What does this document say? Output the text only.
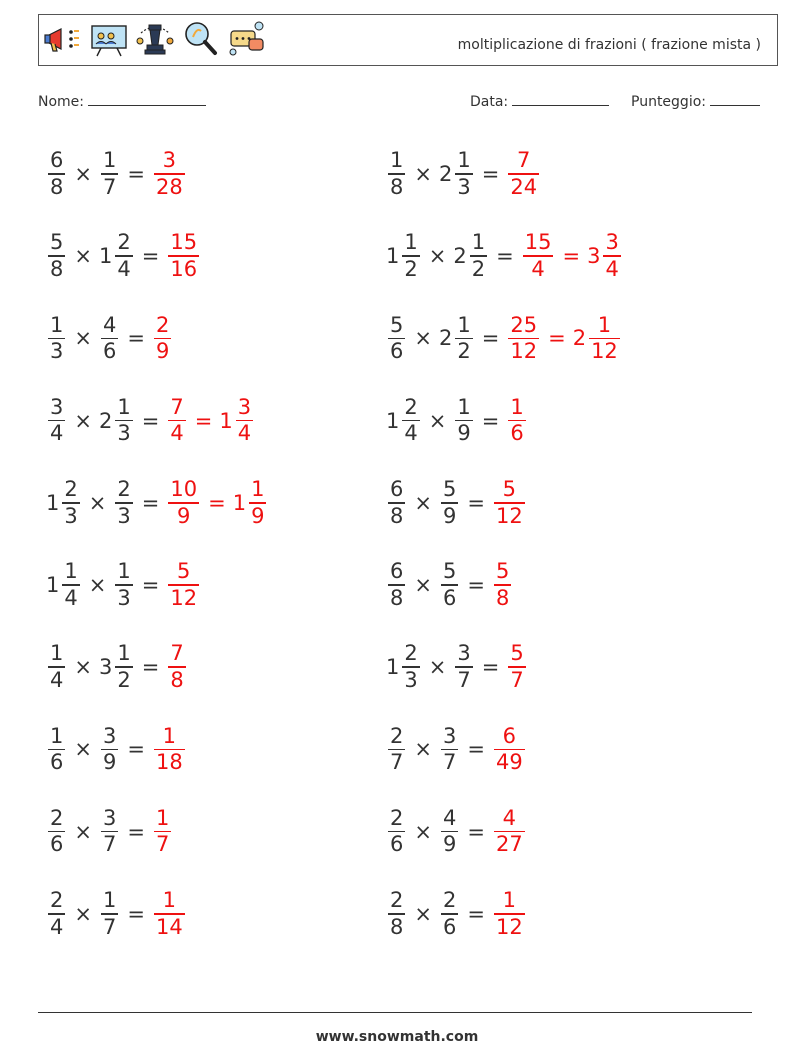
moltiplicazione di frazioni ( frazione mista )
Nome:	Data:	Punteggio:
$\frac{6}{8} \times \frac{1}{7} = \frac{3}{28}$	$\frac{1}{8} \times 2 \frac{1}{3} = \frac{7}{24}$
$\frac{5}{8} \times 1 \frac{2}{4} = \frac{15}{16}$	$1 \frac{1}{2} \times 2 \frac{1}{2} = \frac{15}{4} = 3 \frac{3}{4}$
$\frac{1}{3} \times \frac{4}{6} = \frac{2}{9}$	$\frac{5}{6} \times 2 \frac{1}{2} = \frac{25}{12} = 2 \frac{1}{12}$
$\frac{3}{4} \times 2 \frac{1}{3} = \frac{7}{4} = 1 \frac{3}{4}$	$1 \frac{2}{4} \times \frac{1}{9} = \frac{1}{6}$
$1 \frac{2}{3} \times \frac{2}{3} = \frac{10}{9} = 1 \frac{1}{9}$	$\frac{6}{8} \times \frac{5}{9} = \frac{5}{12}$
$1 \frac{1}{4} \times \frac{1}{3} = \frac{5}{12}$	$\frac{6}{8} \times \frac{5}{6} = \frac{5}{8}$
$\frac{1}{4} \times 3 \frac{1}{2} = \frac{7}{8}$	$1 \frac{2}{3} \times \frac{3}{7} = \frac{5}{7}$
$\frac{1}{6} \times \frac{3}{9} = \frac{1}{18}$	$\frac{2}{7} \times \frac{3}{7} = \frac{6}{49}$
$\frac{2}{6} \times \frac{3}{7} = \frac{1}{7}$	$\frac{2}{6} \times \frac{4}{9} = \frac{4}{27}$
$\frac{2}{4} \times \frac{1}{7} = \frac{1}{14}$	$\frac{2}{8} \times \frac{2}{6} = \frac{1}{12}$
www.snowmath.com
